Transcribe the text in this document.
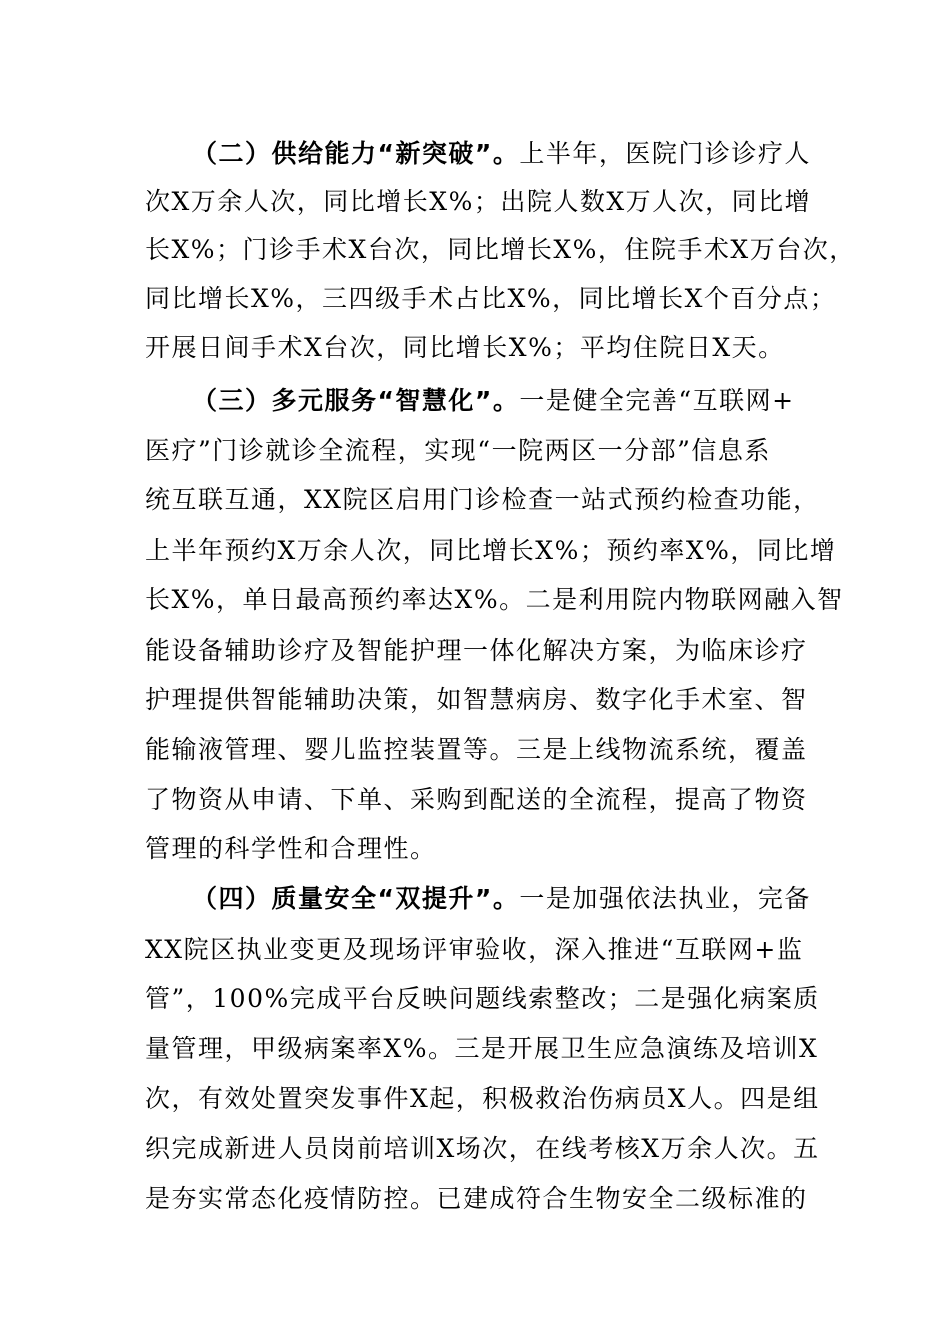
（二）供给能力“新突破”。上半年，医院门诊诊疗人
次X万余人次，同比增长X%；出院人数X万人次，同比增
长X%；门诊手术X台次，同比增长X%，住院手术X万台次，
同比增长X%，三四级手术占比X%，同比增长X个百分点；
开展日间手术X台次，同比增长X%；平均住院日X天。
（三）多元服务“智慧化”。一是健全完善“互联网+
医疗”门诊就诊全流程，实现“一院两区一分部”信息系
统互联互通，XX院区启用门诊检查一站式预约检查功能，
上半年预约X万余人次，同比增长X%；预约率X%，同比增
长X%，单日最高预约率达X%。二是利用院内物联网融入智
能设备辅助诊疗及智能护理一体化解决方案，为临床诊疗
护理提供智能辅助决策，如智慧病房、数字化手术室、智
能输液管理、婴儿监控装置等。三是上线物流系统，覆盖
了物资从申请、下单、采购到配送的全流程，提高了物资
管理的科学性和合理性。
（四）质量安全“双提升”。一是加强依法执业，完备
XX院区执业变更及现场评审验收，深入推进“互联网+监
管”，100%完成平台反映问题线索整改；二是强化病案质
量管理，甲级病案率X%。三是开展卫生应急演练及培训X
次，有效处置突发事件X起，积极救治伤病员X人。四是组
织完成新进人员岗前培训X场次，在线考核X万余人次。五
是夯实常态化疫情防控。已建成符合生物安全二级标准的
